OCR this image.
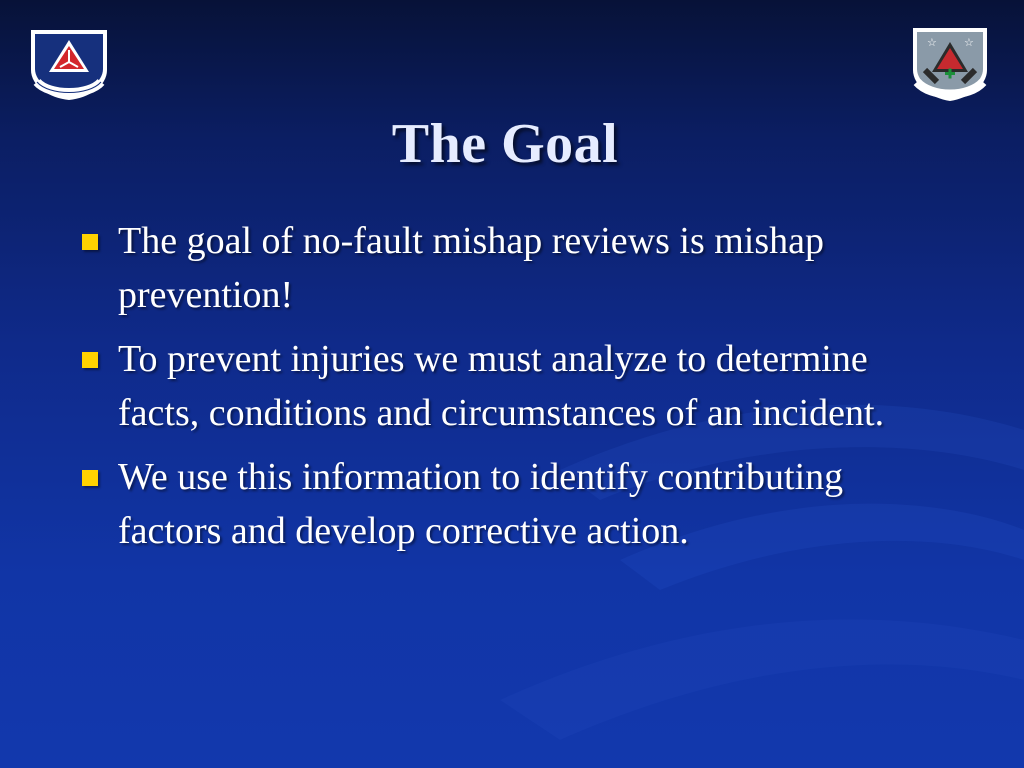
☆ ☆
The Goal
The goal of no-fault mishap reviews is mishap prevention!
To prevent injuries we must analyze to determine facts, conditions and circumstances of an incident.
We use this information to identify contributing factors and develop corrective action.
